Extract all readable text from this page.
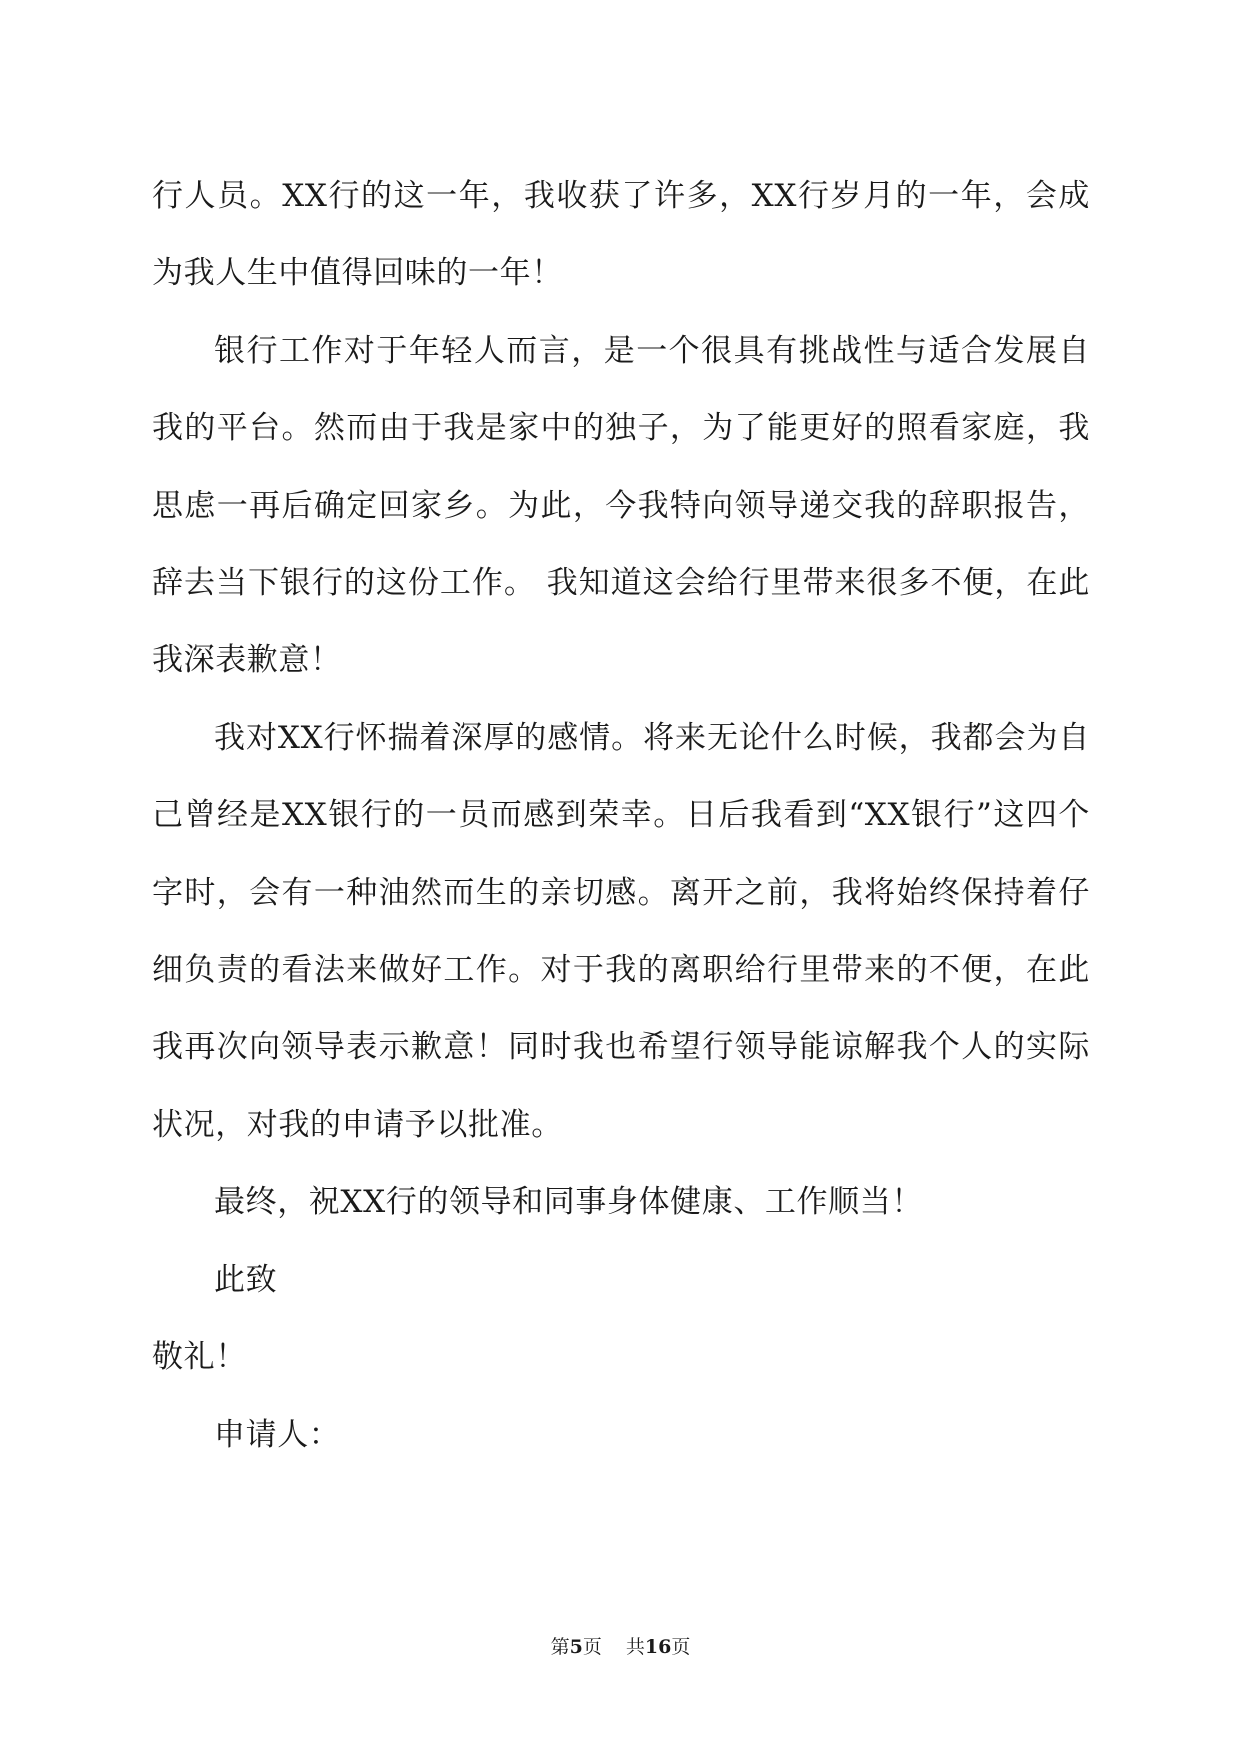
行人员。XX行的这一年，我收获了许多，XX行岁月的一年，会成为我人生中值得回味的一年！

银行工作对于年轻人而言，是一个很具有挑战性与适合发展自我的平台。然而由于我是家中的独子，为了能更好的照看家庭，我思虑一再后确定回家乡。为此，今我特向领导递交我的辞职报告，辞去当下银行的这份工作。 我知道这会给行里带来很多不便，在此我深表歉意！

我对XX行怀揣着深厚的感情。将来无论什么时候，我都会为自己曾经是XX银行的一员而感到荣幸。日后我看到“XX银行”这四个字时，会有一种油然而生的亲切感。离开之前，我将始终保持着仔细负责的看法来做好工作。对于我的离职给行里带来的不便，在此我再次向领导表示歉意！同时我也希望行领导能谅解我个人的实际状况，对我的申请予以批准。

最终，祝XX行的领导和同事身体健康、工作顺当！

此致

敬礼！

申请人：

第5页 共16页
